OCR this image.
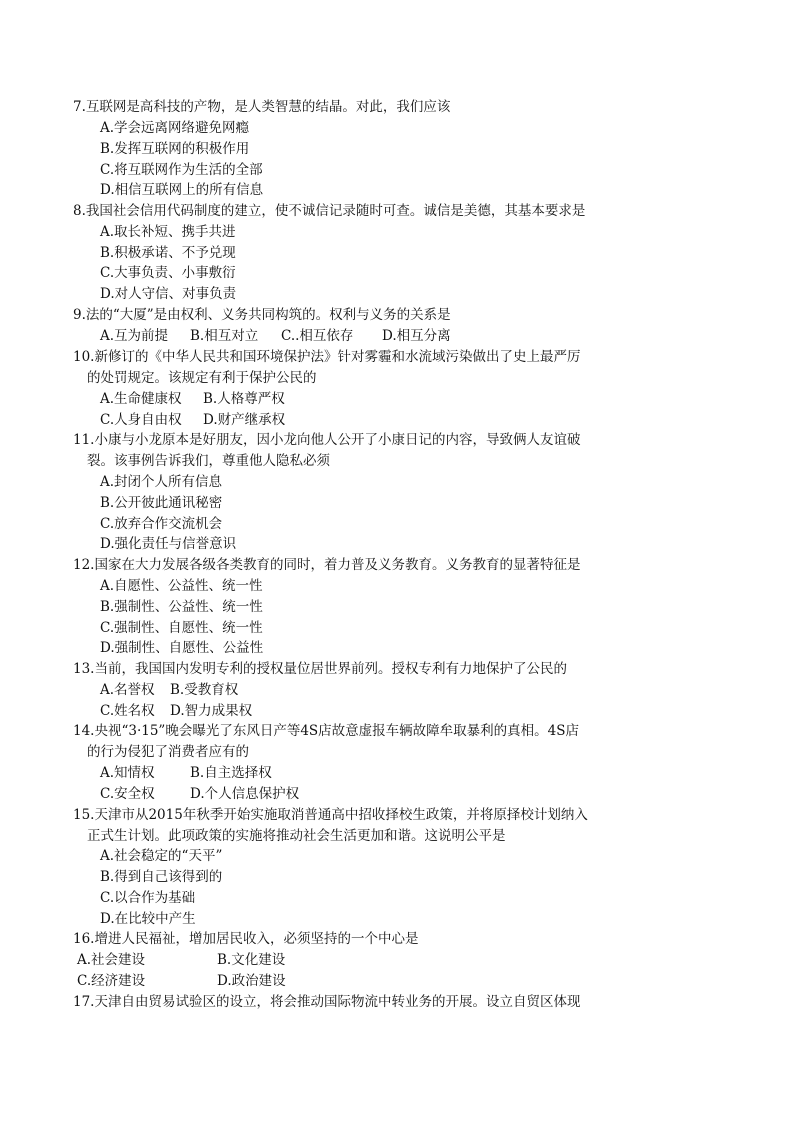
7.互联网是高科技的产物，是人类智慧的结晶。对此，我们应该
A.学会远离网络避免网瘾
B.发挥互联网的积极作用
C.将互联网作为生活的全部
D.相信互联网上的所有信息
8.我国社会信用代码制度的建立，使不诚信记录随时可查。诚信是美德，其基本要求是
A.取长补短、携手共进
B.积极承诺、不予兑现
C.大事负责、小事敷衍
D.对人守信、对事负责
9.法的“大厦”是由权利、义务共同构筑的。权利与义务的关系是
A.互为前提 B.相互对立 C..相互依存 D.相互分离
10.新修订的《中华人民共和国环境保护法》针对雾霾和水流域污染做出了史上最严厉
的处罚规定。该规定有利于保护公民的
A.生命健康权 B.人格尊严权
C.人身自由权 D.财产继承权
11.小康与小龙原本是好朋友，因小龙向他人公开了小康日记的内容，导致俩人友谊破
裂。该事例告诉我们，尊重他人隐私必须
A.封闭个人所有信息
B.公开彼此通讯秘密
C.放弃合作交流机会
D.强化责任与信誉意识
12.国家在大力发展各级各类教育的同时，着力普及义务教育。义务教育的显著特征是
A.自愿性、公益性、统一性
B.强制性、公益性、统一性
C.强制性、自愿性、统一性
D.强制性、自愿性、公益性
13.当前，我国国内发明专利的授权量位居世界前列。授权专利有力地保护了公民的
A.名誉权 B.受教育权
C.姓名权 D.智力成果权
14.央视“3·15”晚会曝光了东风日产等4S店故意虚报车辆故障牟取暴利的真相。4S店
的行为侵犯了消费者应有的
A.知情权	B.自主选择权
C.安全权	D.个人信息保护权
15.天津市从2015年秋季开始实施取消普通高中招收择校生政策，并将原择校计划纳入
正式生计划。此项政策的实施将推动社会生活更加和谐。这说明公平是
A.社会稳定的“天平”
B.得到自己该得到的
C.以合作为基础
D.在比较中产生
16.增进人民福祉，增加居民收入，必须坚持的一个中心是
A.社会建设	B.文化建设
C.经济建设	D.政治建设
17.天津自由贸易试验区的设立，将会推动国际物流中转业务的开展。设立自贸区体现
